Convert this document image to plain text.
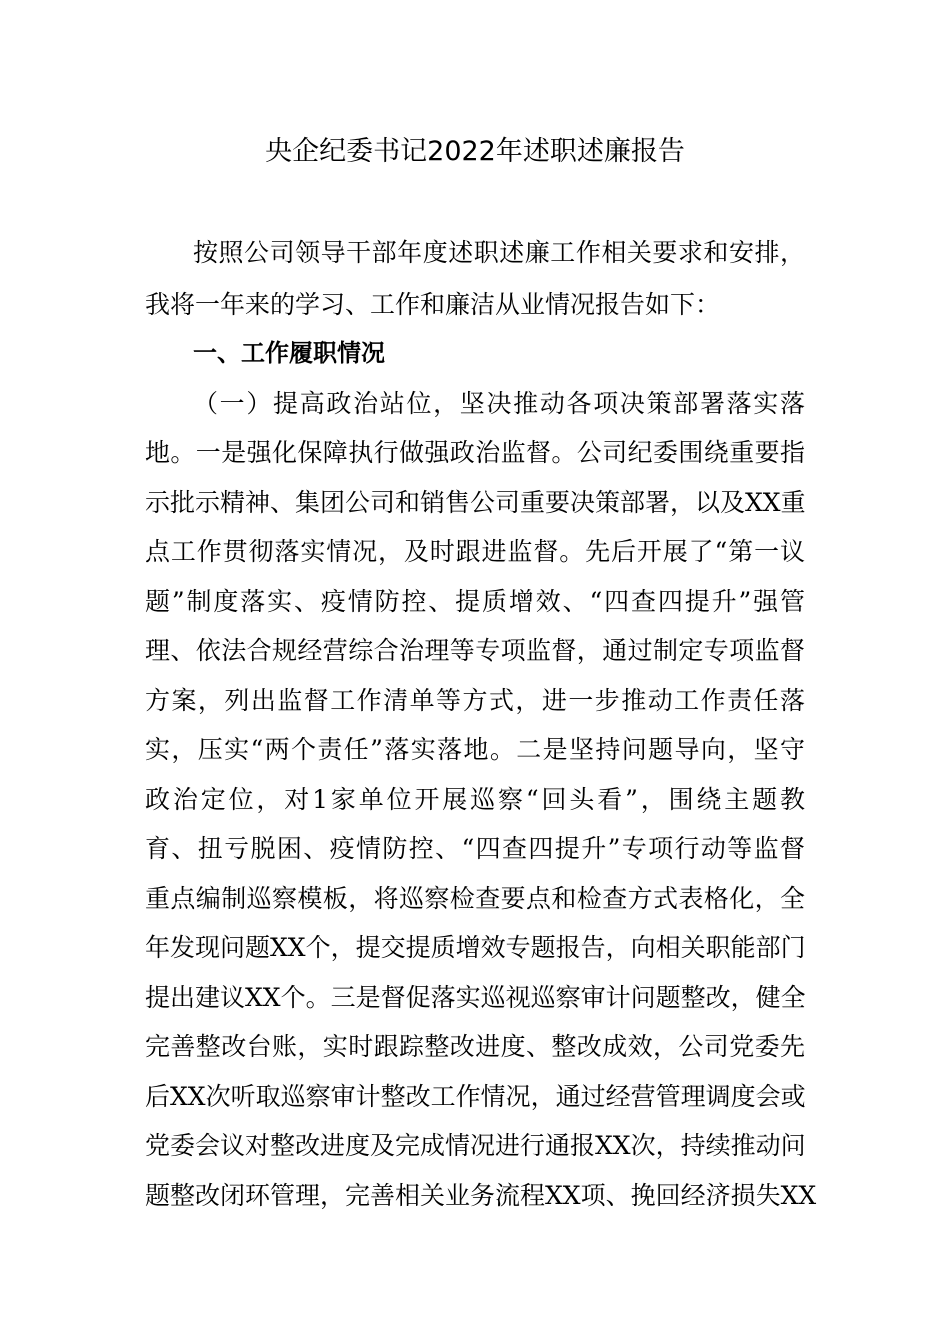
央企纪委书记2022年述职述廉报告
按照公司领导干部年度述职述廉工作相关要求和安排，
我将一年来的学习、工作和廉洁从业情况报告如下：
一、工作履职情况
（一）提高政治站位，坚决推动各项决策部署落实落
地。一是强化保障执行做强政治监督。公司纪委围绕重要指
示批示精神、集团公司和销售公司重要决策部署，以及XX重
点工作贯彻落实情况，及时跟进监督。先后开展了“第一议
题”制度落实、疫情防控、提质增效、“四查四提升”强管
理、依法合规经营综合治理等专项监督，通过制定专项监督
方案，列出监督工作清单等方式，进一步推动工作责任落
实，压实“两个责任”落实落地。二是坚持问题导向，坚守
政治定位，对1家单位开展巡察“回头看”，围绕主题教
育、扭亏脱困、疫情防控、“四查四提升”专项行动等监督
重点编制巡察模板，将巡察检查要点和检查方式表格化，全
年发现问题XX个，提交提质增效专题报告，向相关职能部门
提出建议XX个。三是督促落实巡视巡察审计问题整改，健全
完善整改台账，实时跟踪整改进度、整改成效，公司党委先
后XX次听取巡察审计整改工作情况，通过经营管理调度会或
党委会议对整改进度及完成情况进行通报XX次，持续推动问
题整改闭环管理，完善相关业务流程XX项、挽回经济损失XX
